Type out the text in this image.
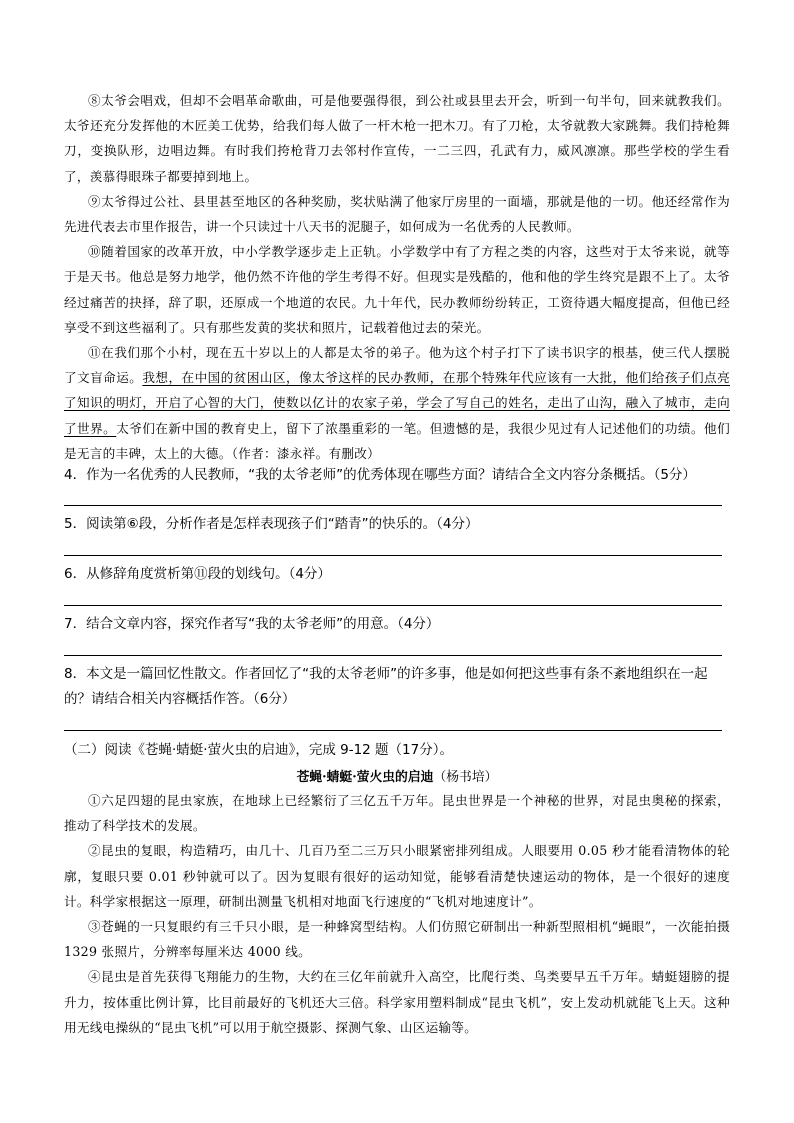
⑧太爷会唱戏，但却不会唱革命歌曲，可是他要强得很，到公社或县里去开会，听到一句半句，回来就教我们。太爷还充分发挥他的木匠美工优势，给我们每人做了一杆木枪一把木刀。有了刀枪，太爷就教大家跳舞。我们持枪舞刀，变换队形，边唱边舞。有时我们挎枪背刀去邻村作宣传，一二三四，孔武有力，威风凛凛。那些学校的学生看了，羡慕得眼珠子都要掉到地上。

⑨太爷得过公社、县里甚至地区的各种奖励，奖状贴满了他家厅房里的一面墙，那就是他的一切。他还经常作为先进代表去市里作报告，讲一个只读过十八天书的泥腿子，如何成为一名优秀的人民教师。

⑩随着国家的改革开放，中小学教学逐步走上正轨。小学数学中有了方程之类的内容，这些对于太爷来说，就等于是天书。他总是努力地学，他仍然不许他的学生考得不好。但现实是残酷的，他和他的学生终究是跟不上了。太爷经过痛苦的抉择，辞了职，还原成一个地道的农民。九十年代，民办教师纷纷转正，工资待遇大幅度提高，但他已经享受不到这些福利了。只有那些发黄的奖状和照片，记载着他过去的荣光。

⑪在我们那个小村，现在五十岁以上的人都是太爷的弟子。他为这个村子打下了读书识字的根基，使三代人摆脱了文盲命运。我想，在中国的贫困山区，像太爷这样的民办教师，在那个特殊年代应该有一大批，他们给孩子们点亮了知识的明灯，开启了心智的大门，使数以亿计的农家子弟，学会了写自己的姓名，走出了山沟，融入了城市，走向了世界。太爷们在新中国的教育史上，留下了浓墨重彩的一笔。但遗憾的是，我很少见过有人记述他们的功绩。他们是无言的丰碑，太上的大德。（作者：漆永祥。有删改）

4．作为一名优秀的人民教师，“我的太爷老师”的优秀体现在哪些方面？请结合全文内容分条概括。（5分）

5．阅读第⑥段，分析作者是怎样表现孩子们“踏青”的快乐的。（4分）

6．从修辞角度赏析第⑪段的划线句。（4分）

7．结合文章内容，探究作者写“我的太爷老师”的用意。（4分）

8．本文是一篇回忆性散文。作者回忆了“我的太爷老师”的许多事，他是如何把这些事有条不紊地组织在一起的？请结合相关内容概括作答。（6分）

（二）阅读《苍蝇·蜻蜓·萤火虫的启迪》，完成 9-12 题（17分）。

苍蝇·蜻蜓·萤火虫的启迪（杨书培）

①六足四翅的昆虫家族，在地球上已经繁衍了三亿五千万年。昆虫世界是一个神秘的世界，对昆虫奥秘的探索，推动了科学技术的发展。

②昆虫的复眼，构造精巧，由几十、几百乃至二三万只小眼紧密排列组成。人眼要用 0.05 秒才能看清物体的轮廓，复眼只要 0.01 秒钟就可以了。因为复眼有很好的运动知觉，能够看清楚快速运动的物体，是一个很好的速度计。科学家根据这一原理，研制出测量飞机相对地面飞行速度的“飞机对地速度计”。

③苍蝇的一只复眼约有三千只小眼，是一种蜂窝型结构。人们仿照它研制出一种新型照相机“蝇眼”，一次能拍摄 1329 张照片，分辨率每厘米达 4000 线。

④昆虫是首先获得飞翔能力的生物，大约在三亿年前就升入高空，比爬行类、鸟类要早五千万年。蜻蜓翅膀的提升力，按体重比例计算，比目前最好的飞机还大三倍。科学家用塑料制成“昆虫飞机”，安上发动机就能飞上天。这种用无线电操纵的“昆虫飞机”可以用于航空摄影、探测气象、山区运输等。
